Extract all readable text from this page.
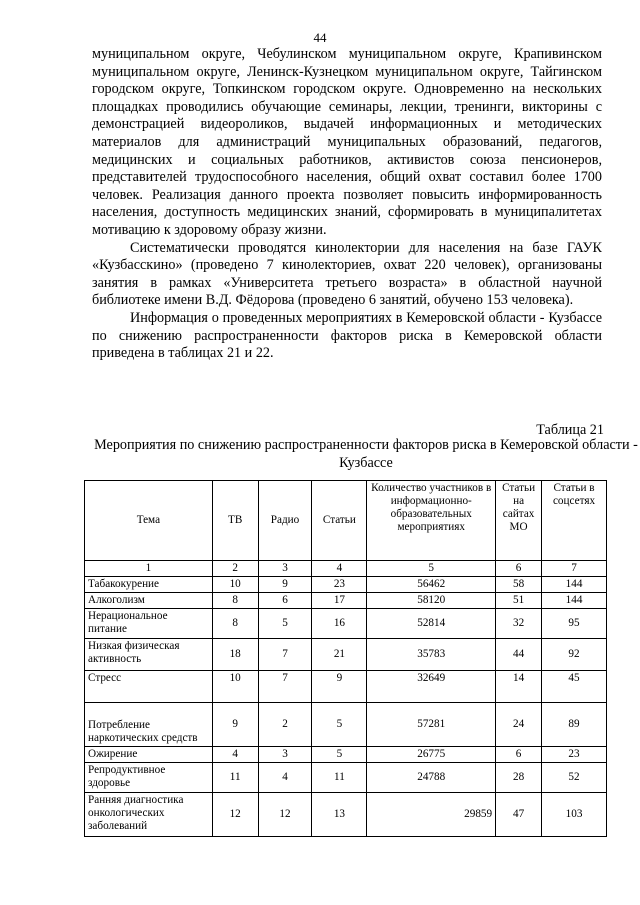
44

муниципальном округе, Чебулинском муниципальном округе, Крапивинском муниципальном округе, Ленинск-Кузнецком муниципальном округе, Тайгинском городском округе, Топкинском городском округе. Одновременно на нескольких площадках проводились обучающие семинары, лекции, тренинги, викторины с демонстрацией видеороликов, выдачей информационных и методических материалов для администраций муниципальных образований, педагогов, медицинских и социальных работников, активистов союза пенсионеров, представителей трудоспособного населения, общий охват составил более 1700 человек. Реализация данного проекта позволяет повысить информированность населения, доступность медицинских знаний, сформировать в муниципалитетах мотивацию к здоровому образу жизни.

Систематически проводятся кинолектории для населения на базе ГАУК «Кузбасскино» (проведено 7 кинолекториев, охват 220 человек), организованы занятия в рамках «Университета третьего возраста» в областной научной библиотеке имени В.Д. Фёдорова (проведено 6 занятий, обучено 153 человека).

Информация о проведенных мероприятиях в Кемеровской области - Кузбассе по снижению распространенности факторов риска в Кемеровской области приведена в таблицах 21 и 22.

Таблица 21
Мероприятия по снижению распространенности факторов риска в Кемеровской области - Кузбассе
Тема	ТВ	Радио	Статьи	Количество участников в информационно-образовательных мероприятиях	Статьи на сайтах МО	Статьи в соцсетях
1	2	3	4	5	6	7
Табакокурение	10	9	23	56462	58	144
Алкоголизм	8	6	17	58120	51	144
Нерациональное питание	8	5	16	52814	32	95
Низкая физическая активность	18	7	21	35783	44	92
Стресс	10	7	9	32649	14	45
Потребление наркотических средств	9	2	5	57281	24	89
Ожирение	4	3	5	26775	6	23
Репродуктивное здоровье	11	4	11	24788	28	52
Ранняя диагностика онкологических заболеваний	12	12	13	29859	47	103
